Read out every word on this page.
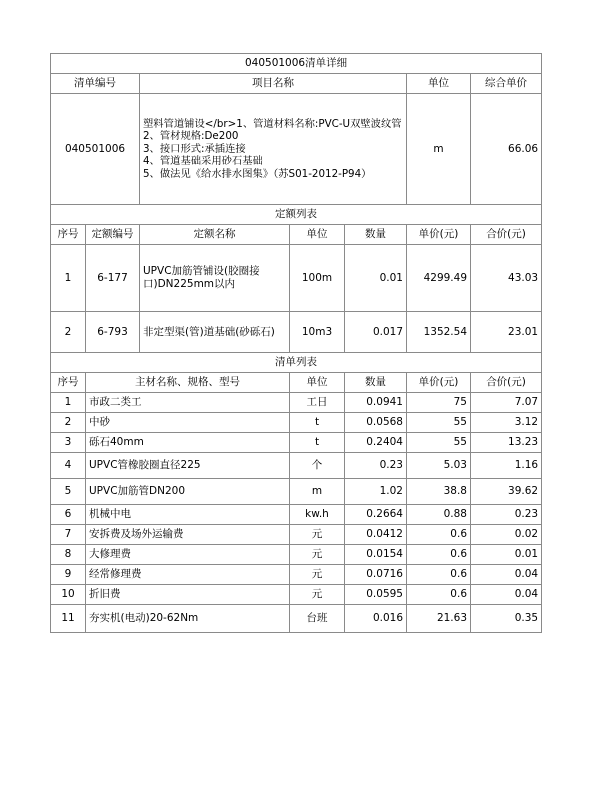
040501006清单详细						
清单编号		项目名称			单位	综合单价
040501006		塑料管道铺设</br>1、管道材料名称:PVC-U双壁波纹管
2、管材规格:De200
3、接口形式:承插连接
4、管道基础采用砂石基础
5、做法见《给水排水图集》（苏S01-2012-P94）			m	66.06
定额列表						
序号	定额编号	定额名称	单位	数量	单价(元)	合价(元)
1	6-177	UPVC加筋管铺设(胶圈接口)DN225mm以内	100m	0.01	4299.49	43.03
2	6-793	非定型渠(管)道基础(砂砾石)	10m3	0.017	1352.54	23.01
清单列表						
序号	主材名称、规格、型号		单位	数量	单价(元)	合价(元)
1	市政二类工		工日	0.0941	75	7.07
2	中砂		t	0.0568	55	3.12
3	砾石40mm		t	0.2404	55	13.23
4	UPVC管橡胶圈直径225		个	0.23	5.03	1.16
5	UPVC加筋管DN200		m	1.02	38.8	39.62
6	机械中电		kw.h	0.2664	0.88	0.23
7	安拆费及场外运输费		元	0.0412	0.6	0.02
8	大修理费		元	0.0154	0.6	0.01
9	经常修理费		元	0.0716	0.6	0.04
10	折旧费		元	0.0595	0.6	0.04
11	夯实机(电动)20-62Nm		台班	0.016	21.63	0.35
